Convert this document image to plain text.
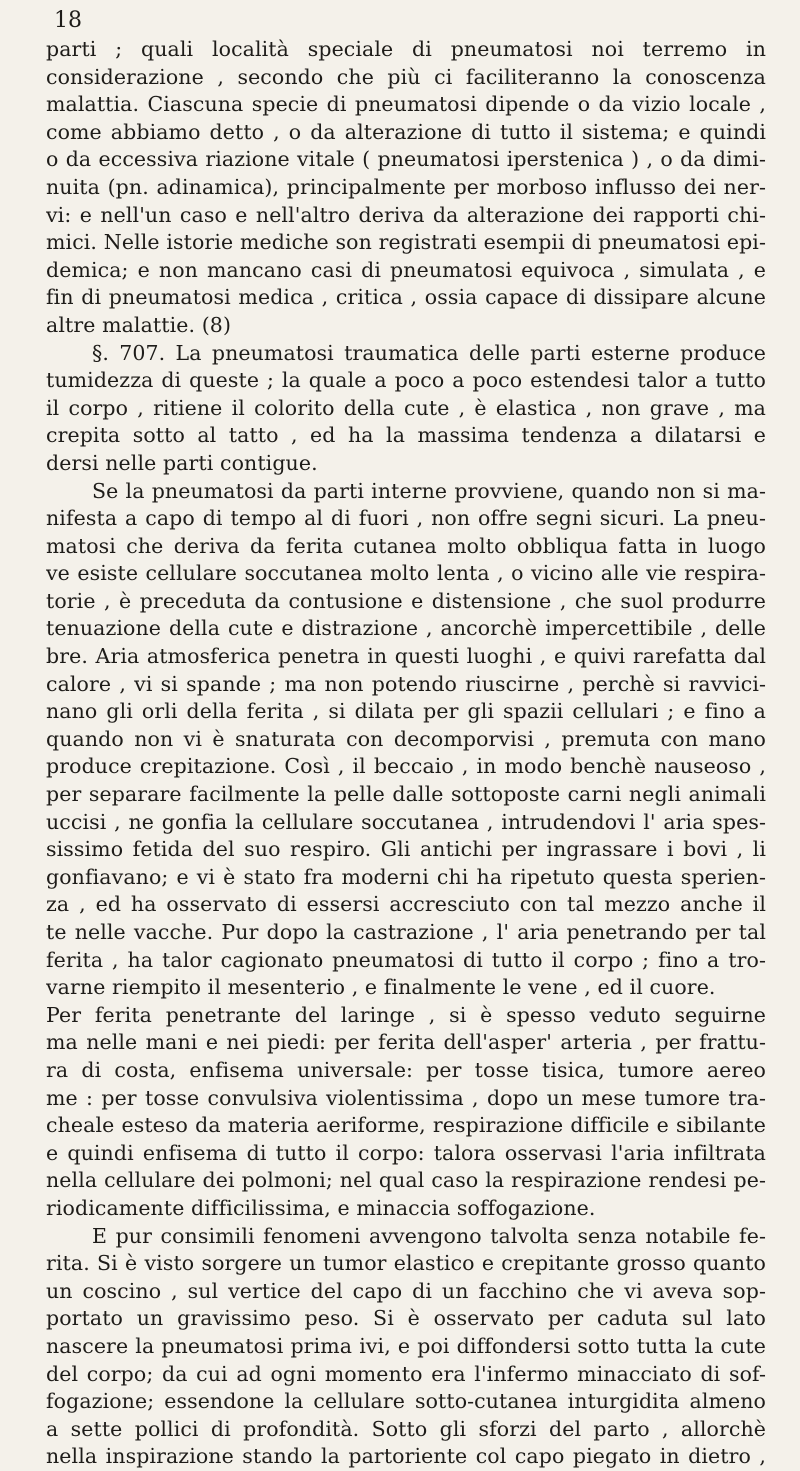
18
parti ; quali località speciale di pneumatosi noi terremo in
considerazione , secondo che più ci faciliteranno la conoscenza
malattia. Ciascuna specie di pneumatosi dipende o da vizio locale ,
come abbiamo detto , o da alterazione di tutto il sistema; e quindi
o da eccessiva riazione vitale ( pneumatosi iperstenica ) , o da dimi-
nuita (pn. adinamica), principalmente per morboso influsso dei ner-
vi: e nell'un caso e nell'altro deriva da alterazione dei rapporti chi-
mici. Nelle istorie mediche son registrati esempii di pneumatosi epi-
demica; e non mancano casi di pneumatosi equivoca , simulata , e
fin di pneumatosi medica , critica , ossia capace di dissipare alcune
altre malattie. (8)
§. 707. La pneumatosi traumatica delle parti esterne produce
tumidezza di queste ; la quale a poco a poco estendesi talor a tutto
il corpo , ritiene il colorito della cute , è elastica , non grave , ma
crepita sotto al tatto , ed ha la massima tendenza a dilatarsi e
dersi nelle parti contigue.
Se la pneumatosi da parti interne provviene, quando non si ma-
nifesta a capo di tempo al di fuori , non offre segni sicuri. La pneu-
matosi che deriva da ferita cutanea molto obbliqua fatta in luogo
ve esiste cellulare soccutanea molto lenta , o vicino alle vie respira-
torie , è preceduta da contusione e distensione , che suol produrre
tenuazione della cute e distrazione , ancorchè impercettibile , delle
bre. Aria atmosferica penetra in questi luoghi , e quivi rarefatta dal
calore , vi si spande ; ma non potendo riuscirne , perchè si ravvici-
nano gli orli della ferita , si dilata per gli spazii cellulari ; e fino a
quando non vi è snaturata con decomporvisi , premuta con mano
produce crepitazione. Così , il beccaio , in modo benchè nauseoso ,
per separare facilmente la pelle dalle sottoposte carni negli animali
uccisi , ne gonfia la cellulare soccutanea , intrudendovi l' aria spes-
sissimo fetida del suo respiro. Gli antichi per ingrassare i bovi , li
gonfiavano; e vi è stato fra moderni chi ha ripetuto questa sperien-
za , ed ha osservato di essersi accresciuto con tal mezzo anche il
te nelle vacche. Pur dopo la castrazione , l' aria penetrando per tal
ferita , ha talor cagionato pneumatosi di tutto il corpo ; fino a tro-
varne riempito il mesenterio , e finalmente le vene , ed il cuore.
Per ferita penetrante del laringe , si è spesso veduto seguirne
ma nelle mani e nei piedi: per ferita dell'asper' arteria , per frattu-
ra di costa, enfisema universale: per tosse tisica, tumore aereo
me : per tosse convulsiva violentissima , dopo un mese tumore tra-
cheale esteso da materia aeriforme, respirazione difficile e sibilante
e quindi enfisema di tutto il corpo: talora osservasi l'aria infiltrata
nella cellulare dei polmoni; nel qual caso la respirazione rendesi pe-
riodicamente difficilissima, e minaccia soffogazione.
E pur consimili fenomeni avvengono talvolta senza notabile fe-
rita. Si è visto sorgere un tumor elastico e crepitante grosso quanto
un coscino , sul vertice del capo di un facchino che vi aveva sop-
portato un gravissimo peso. Si è osservato per caduta sul lato
nascere la pneumatosi prima ivi, e poi diffondersi sotto tutta la cute
del corpo; da cui ad ogni momento era l'infermo minacciato di sof-
fogazione; essendone la cellulare sotto-cutanea inturgidita almeno
a sette pollici di profondità. Sotto gli sforzi del parto , allorchè
nella inspirazione stando la partoriente col capo piegato in dietro ,
